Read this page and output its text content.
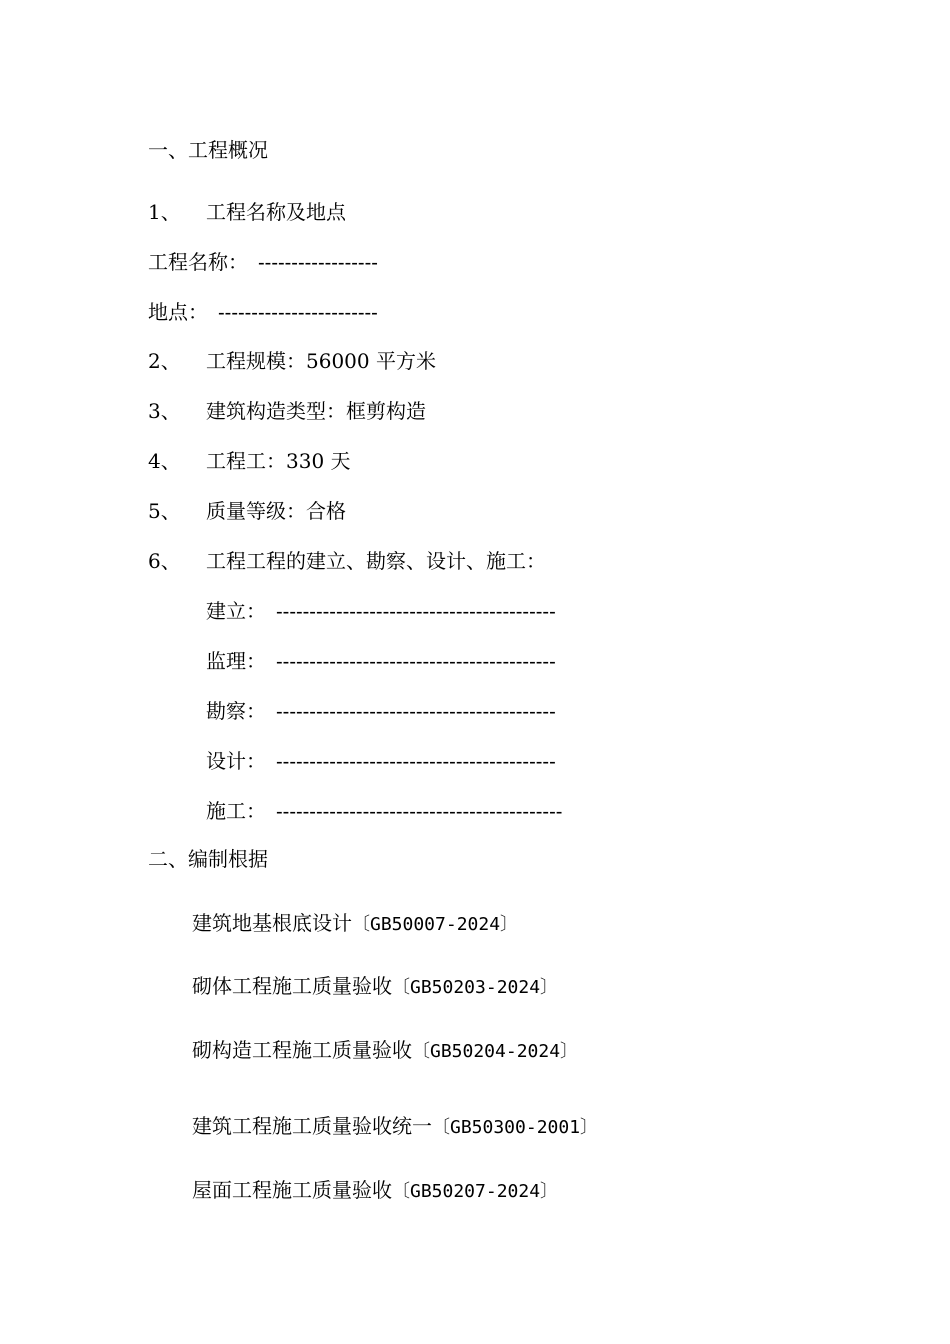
一、工程概况
1、 工程名称及地点
工程名称： ------------------
地点： ------------------------
2、 工程规模：56000 平方米
3、 建筑构造类型：框剪构造
4、 工程工：330 天
5、 质量等级：合格
6、 工程工程的建立、勘察、设计、施工：
建立： ------------------------------------------
监理： ------------------------------------------
勘察： ------------------------------------------
设计： ------------------------------------------
施工： -------------------------------------------
二、编制根据
建筑地基根底设计〔GB50007-2024〕
砌体工程施工质量验收〔GB50203-2024〕
砌构造工程施工质量验收〔GB50204-2024〕
建筑工程施工质量验收统一〔GB50300-2001〕
屋面工程施工质量验收〔GB50207-2024〕
